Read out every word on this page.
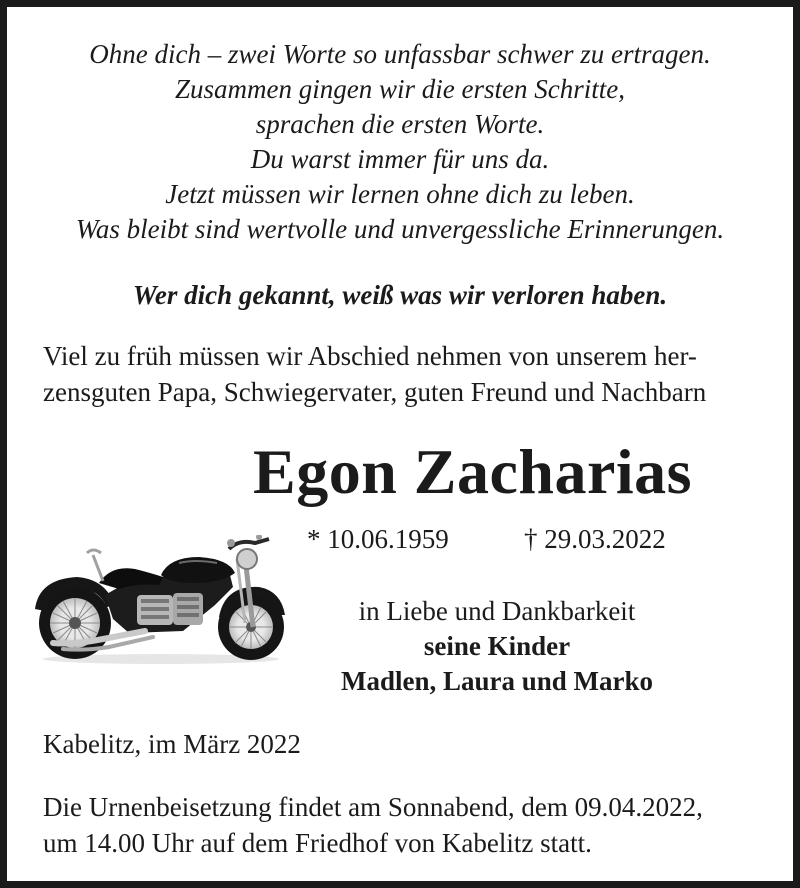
Ohne dich – zwei Worte so unfassbar schwer zu ertragen.
Zusammen gingen wir die ersten Schritte,
sprachen die ersten Worte.
Du warst immer für uns da.
Jetzt müssen wir lernen ohne dich zu leben.
Was bleibt sind wertvolle und unvergessliche Erinnerungen.
Wer dich gekannt, weiß was wir verloren haben.
Viel zu früh müssen wir Abschied nehmen von unserem her-
zensguten Papa, Schwiegervater, guten Freund und Nachbarn
Egon Zacharias
* 10.06.1959	† 29.03.2022
in Liebe und Dankbarkeit
seine Kinder
Madlen, Laura und Marko
Kabelitz, im März 2022
Die Urnenbeisetzung findet am Sonnabend, dem 09.04.2022,
um 14.00 Uhr auf dem Friedhof von Kabelitz statt.
